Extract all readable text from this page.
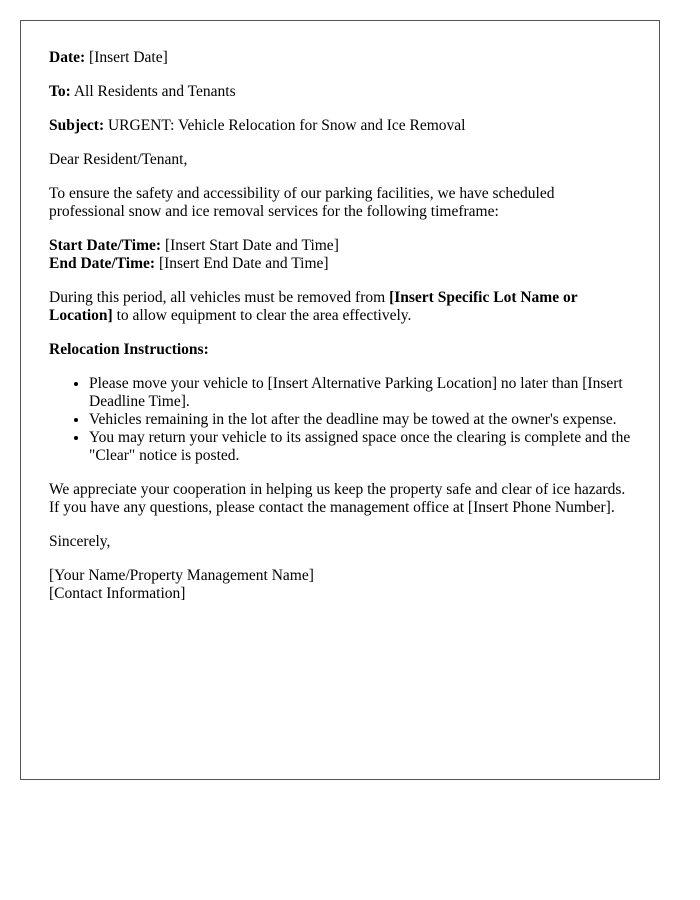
Date: [Insert Date]

To: All Residents and Tenants

Subject: URGENT: Vehicle Relocation for Snow and Ice Removal

Dear Resident/Tenant,

To ensure the safety and accessibility of our parking facilities, we have scheduled professional snow and ice removal services for the following timeframe:

Start Date/Time: [Insert Start Date and Time]
End Date/Time: [Insert End Date and Time]

During this period, all vehicles must be removed from [Insert Specific Lot Name or Location] to allow equipment to clear the area effectively.

Relocation Instructions:

• Please move your vehicle to [Insert Alternative Parking Location] no later than [Insert Deadline Time].
• Vehicles remaining in the lot after the deadline may be towed at the owner's expense.
• You may return your vehicle to its assigned space once the clearing is complete and the "Clear" notice is posted.

We appreciate your cooperation in helping us keep the property safe and clear of ice hazards. If you have any questions, please contact the management office at [Insert Phone Number].

Sincerely,

[Your Name/Property Management Name]
[Contact Information]
